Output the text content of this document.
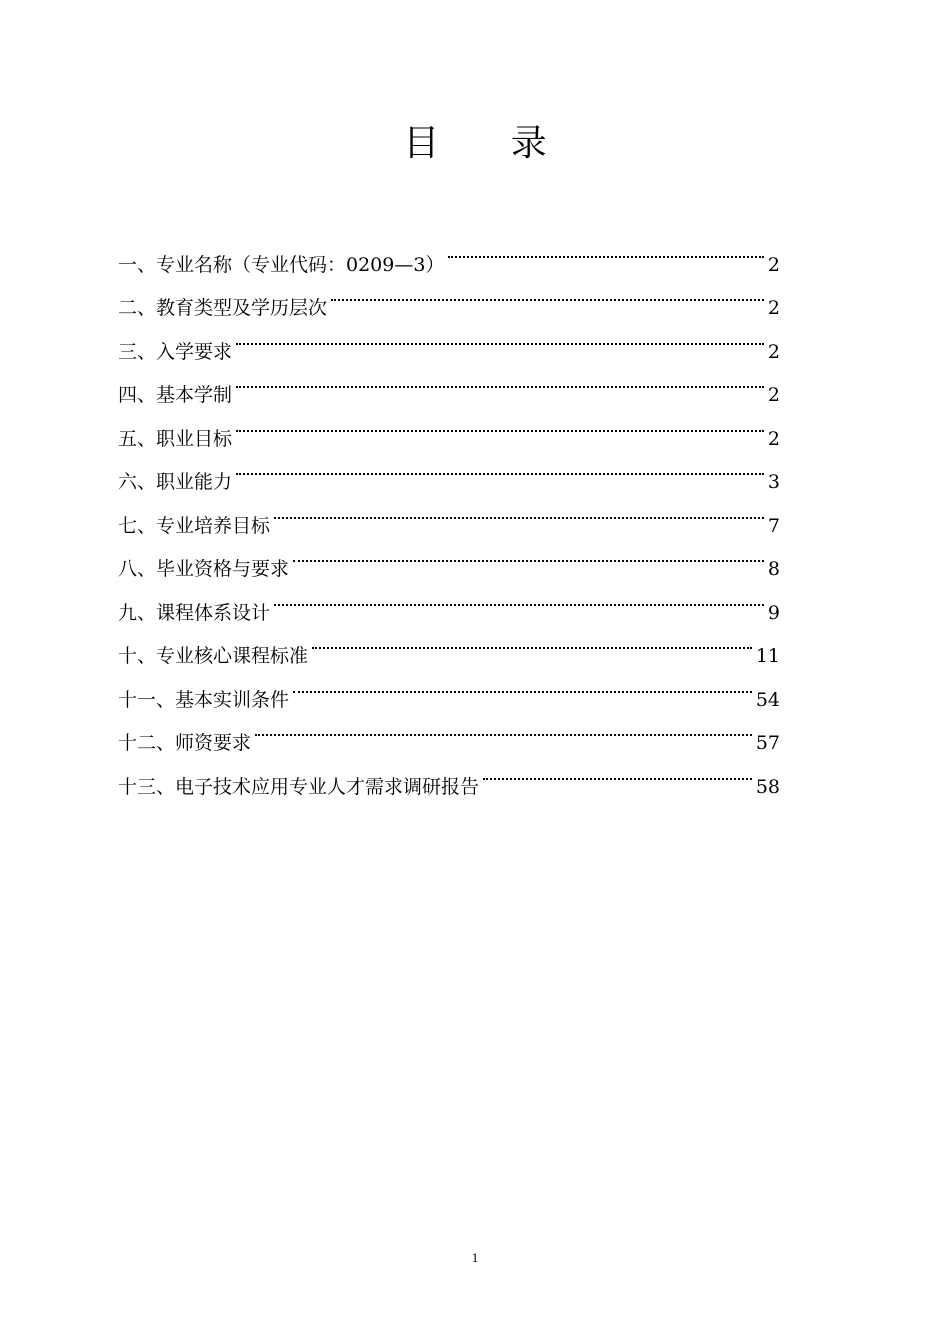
目 录
一、专业名称（专业代码：0209—3）	2
二、教育类型及学历层次	2
三、入学要求	2
四、基本学制	2
五、职业目标	2
六、职业能力	3
七、专业培养目标	7
八、毕业资格与要求	8
九、课程体系设计	9
十、专业核心课程标准	11
十一、基本实训条件	54
十二、师资要求	57
十三、电子技术应用专业人才需求调研报告	58
1
